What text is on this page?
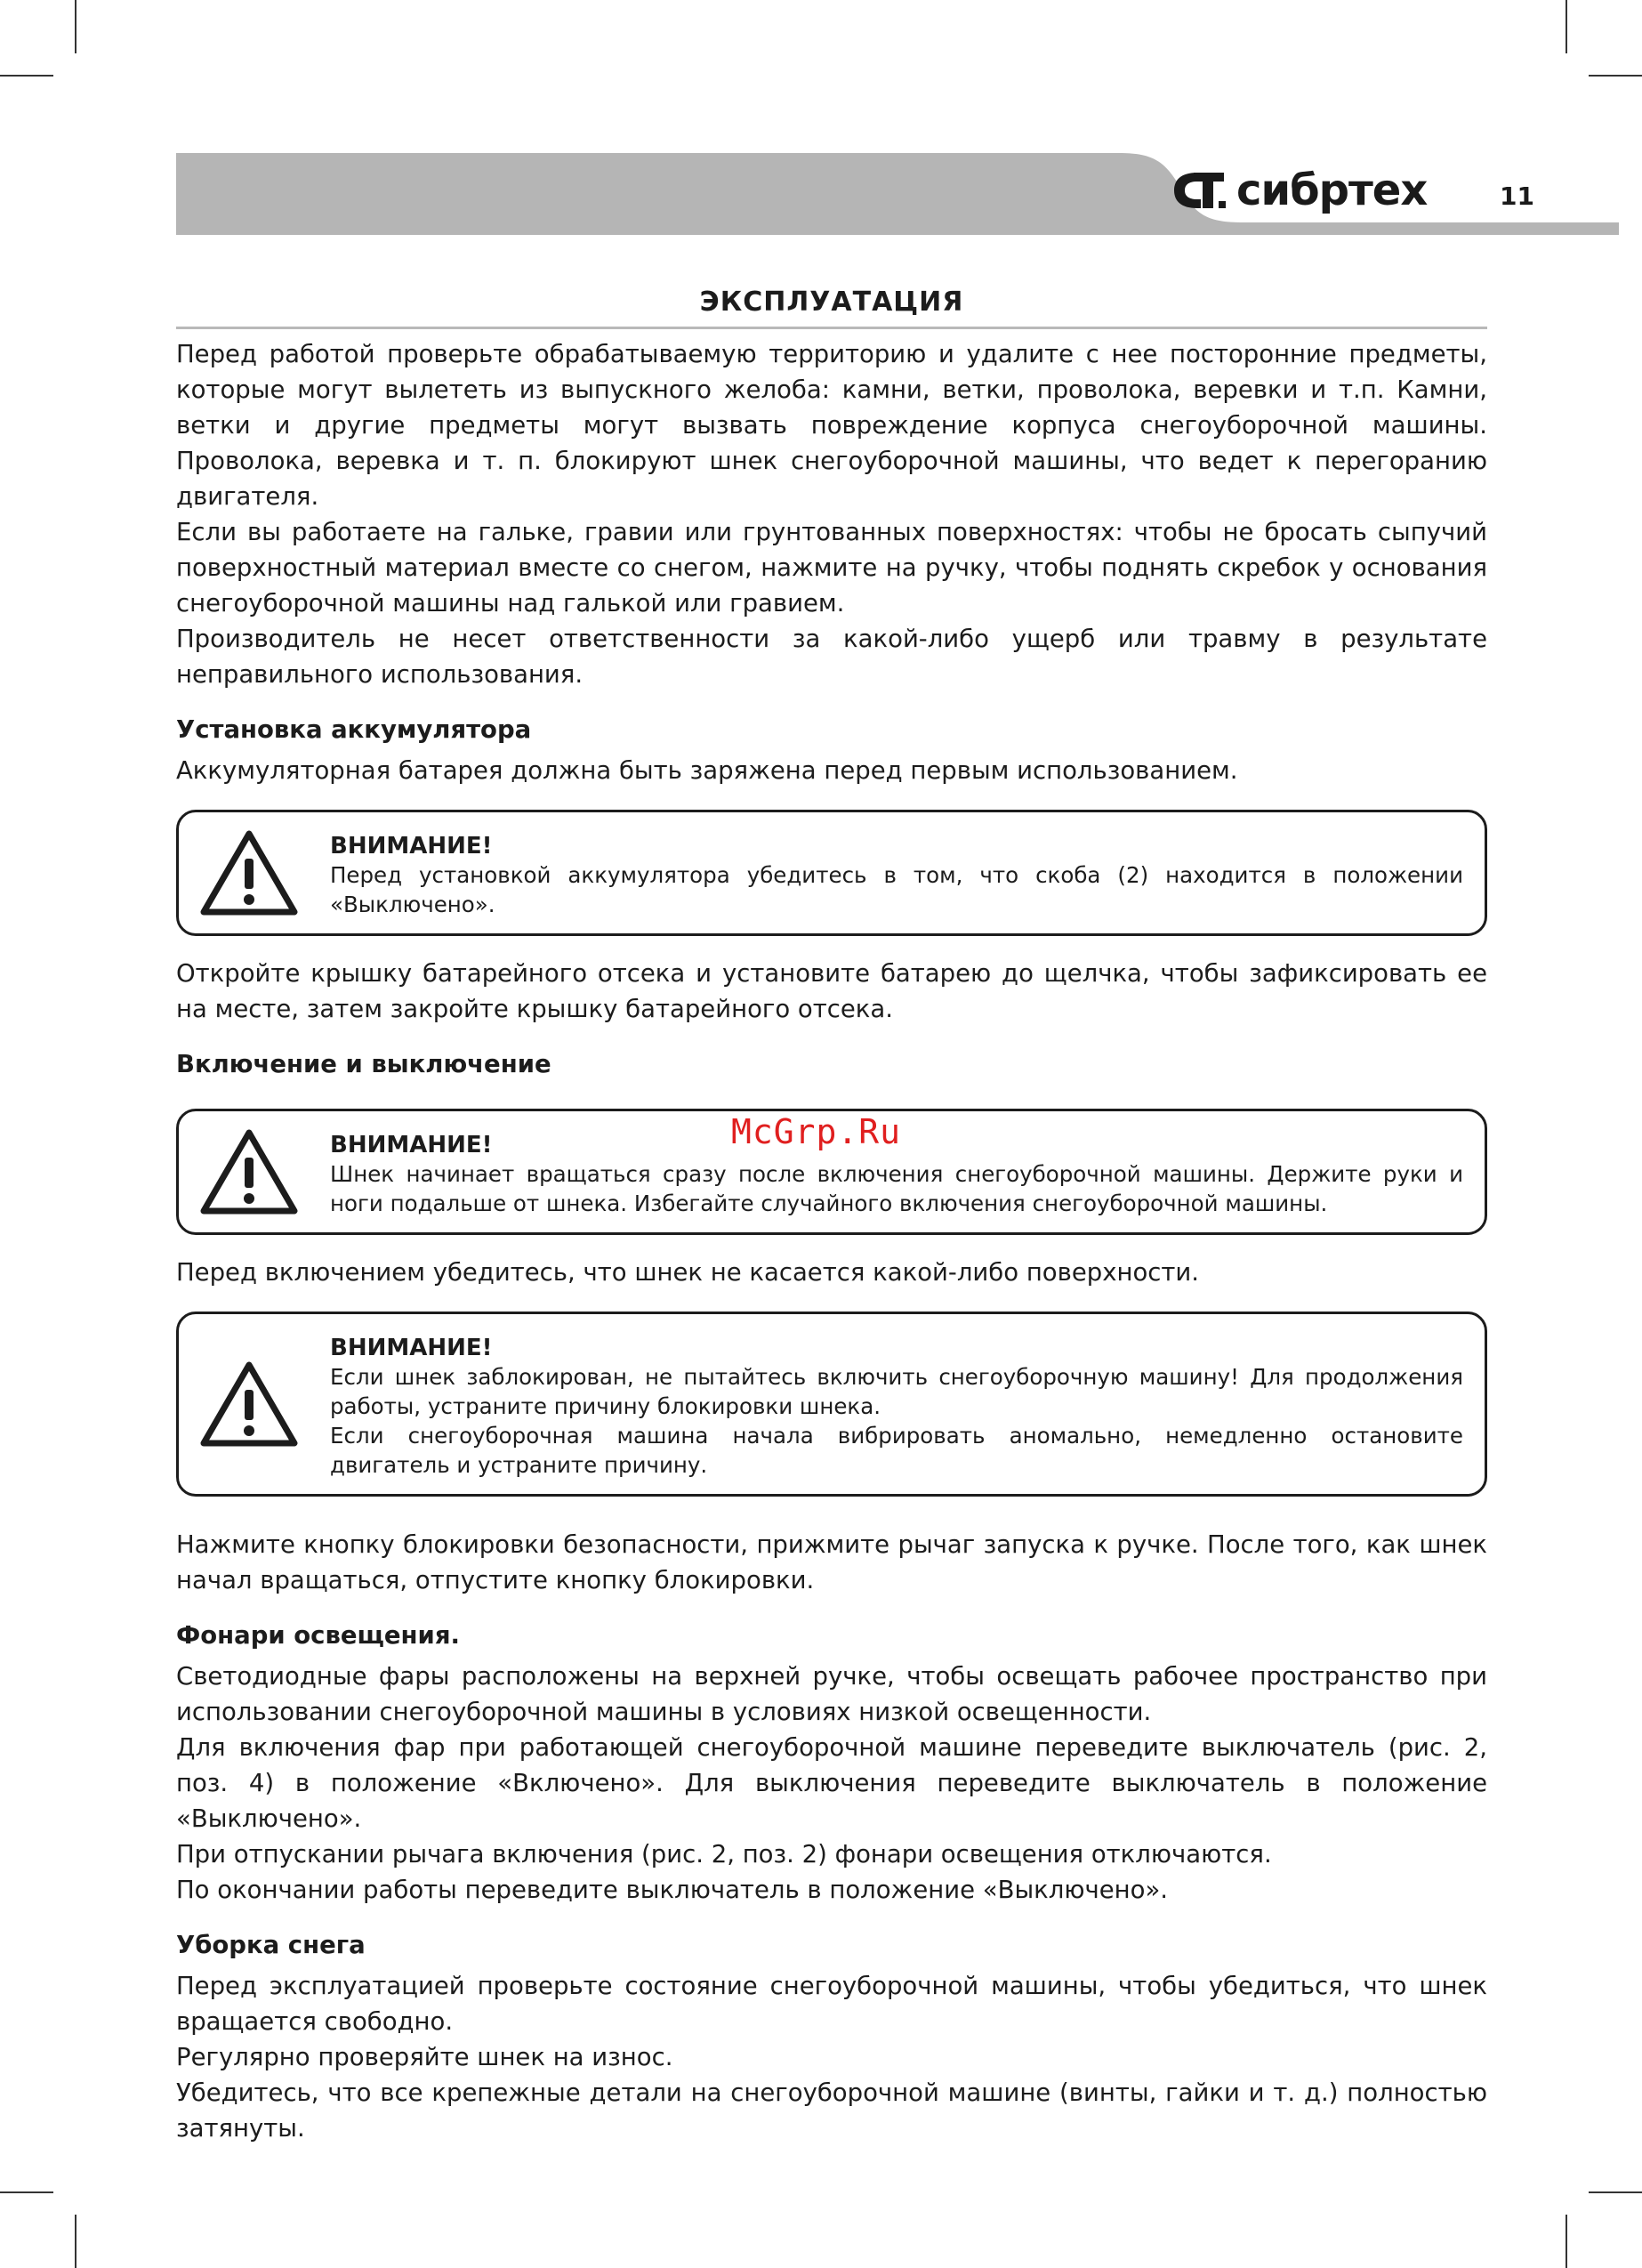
сибртех	11
McGrp.Ru
ЭКСПЛУАТАЦИЯ

Перед работой проверьте обрабатываемую территорию и удалите с нее посторонние предметы, которые могут вылететь из выпускного желоба: камни, ветки, проволока, веревки и т.п. Камни, ветки и другие предметы могут вызвать повреждение корпуса снегоуборочной машины. Проволока, веревка и т. п. блокируют шнек снегоуборочной машины, что ведет к перегоранию двигателя.

Если вы работаете на гальке, гравии или грунтованных поверхностях: чтобы не бросать сыпучий поверхностный материал вместе со снегом, нажмите на ручку, чтобы поднять скребок у основания снегоуборочной машины над галькой или гравием.

Производитель не несет ответственности за какой-либо ущерб или травму в результате неправильного использования.

Установка аккумулятора

Аккумуляторная батарея должна быть заряжена перед первым использованием.

ВНИМАНИЕ!
Перед установкой аккумулятора убедитесь в том, что скоба (2) находится в положении «Выключено».

Откройте крышку батарейного отсека и установите батарею до щелчка, чтобы зафиксировать ее на месте, затем закройте крышку батарейного отсека.

Включение и выключение
ВНИМАНИЕ!
Шнек начинает вращаться сразу после включения снегоуборочной машины. Держите руки и ноги подальше от шнека. Избегайте случайного включения снегоуборочной машины.

Перед включением убедитесь, что шнек не касается какой-либо поверхности.

ВНИМАНИЕ!
Если шнек заблокирован, не пытайтесь включить снегоуборочную машину! Для продолжения работы, устраните причину блокировки шнека.
Если снегоуборочная машина начала вибрировать аномально, немедленно остановите двигатель и устраните причину.

Нажмите кнопку блокировки безопасности, прижмите рычаг запуска к ручке. После того, как шнек начал вращаться, отпустите кнопку блокировки.

Фонари освещения.

Светодиодные фары расположены на верхней ручке, чтобы освещать рабочее пространство при использовании снегоуборочной машины в условиях низкой освещенности.

Для включения фар при работающей снегоуборочной машине переведите выключатель (рис. 2, поз. 4) в положение «Включено». Для выключения переведите выключатель в положение «Выключено».

При отпускании рычага включения (рис. 2, поз. 2) фонари освещения отключаются.

По окончании работы переведите выключатель в положение «Выключено».

Уборка снега

Перед эксплуатацией проверьте состояние снегоуборочной машины, чтобы убедиться, что шнек вращается свободно.

Регулярно проверяйте шнек на износ.

Убедитесь, что все крепежные детали на снегоуборочной машине (винты, гайки и т. д.) полностью затянуты.
